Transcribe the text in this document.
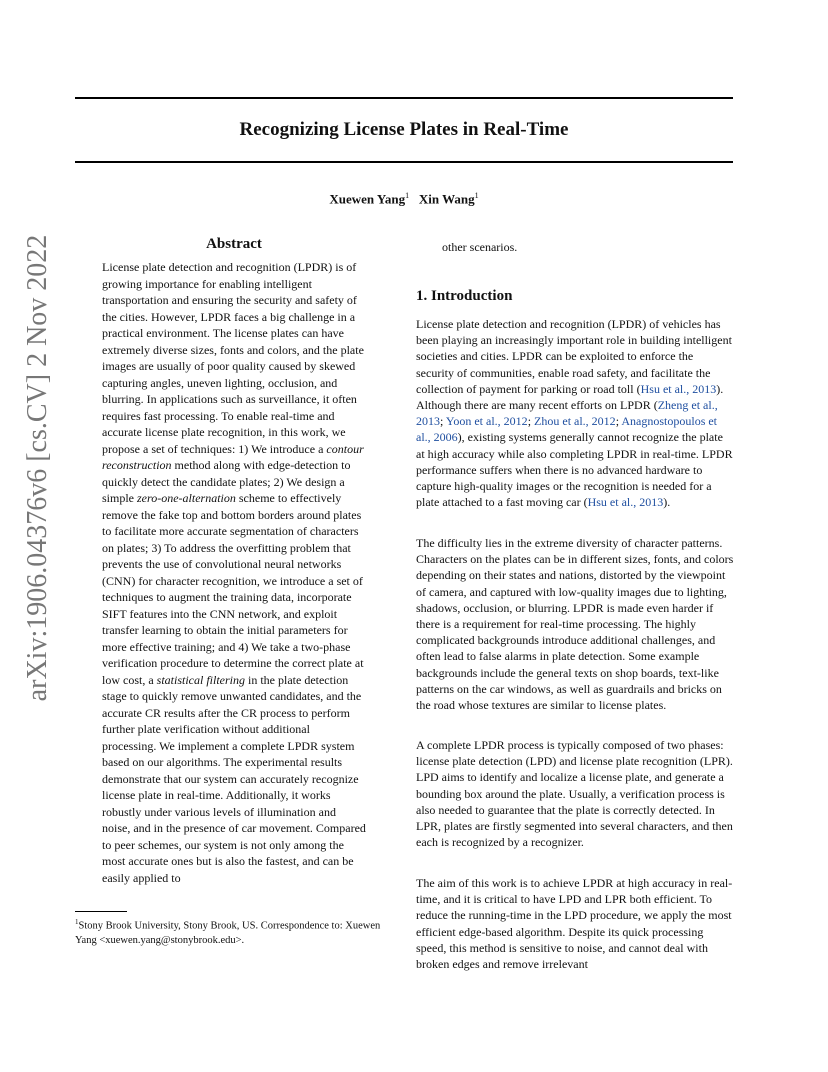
Recognizing License Plates in Real-Time
Xuewen Yang$^1$ Xin Wang$^1$
arXiv:1906.04376v6 [cs.CV] 2 Nov 2022	Abstract

License plate detection and recognition (LPDR) is of growing importance for enabling intelligent transportation and ensuring the security and safety of the cities. However, LPDR faces a big challenge in a practical environment. The license plates can have extremely diverse sizes, fonts and colors, and the plate images are usually of poor quality caused by skewed capturing angles, uneven lighting, occlusion, and blurring. In applications such as surveillance, it often requires fast processing. To enable real-time and accurate license plate recognition, in this work, we propose a set of techniques: 1) We introduce a contour reconstruction method along with edge-detection to quickly detect the candidate plates; 2) We design a simple zero-one-alternation scheme to effectively remove the fake top and bottom borders around plates to facilitate more accurate segmentation of characters on plates; 3) To address the overfitting problem that prevents the use of convolutional neural networks (CNN) for character recognition, we introduce a set of techniques to augment the training data, incorporate SIFT features into the CNN network, and exploit transfer learning to obtain the initial parameters for more effective training; and 4) We take a two-phase verification procedure to determine the correct plate at low cost, a statistical filtering in the plate detection stage to quickly remove unwanted candidates, and the accurate CR results after the CR process to perform further plate verification without additional processing. We implement a complete LPDR system based on our algorithms. The experimental results demonstrate that our system can accurately recognize license plate in real-time. Additionally, it works robustly under various levels of illumination and noise, and in the presence of car movement. Compared to peer schemes, our system is not only among the most accurate ones but is also the fastest, and can be easily applied to

other scenarios.
$^1$Stony Brook University, Stony Brook, US. Correspondence to: Xuewen Yang <xuewen.yang@stonybrook.edu>.
1. Introduction

License plate detection and recognition (LPDR) of vehicles has been playing an increasingly important role in building intelligent societies and cities. LPDR can be exploited to enforce the security of communities, enable road safety, and facilitate the collection of payment for parking or road toll (Hsu et al., 2013). Although there are many recent efforts on LPDR (Zheng et al., 2013; Yoon et al., 2012; Zhou et al., 2012; Anagnostopoulos et al., 2006), existing systems generally cannot recognize the plate at high accuracy while also completing LPDR in real-time. LPDR performance suffers when there is no advanced hardware to capture high-quality images or the recognition is needed for a plate attached to a fast moving car (Hsu et al., 2013).

The difficulty lies in the extreme diversity of character patterns. Characters on the plates can be in different sizes, fonts, and colors depending on their states and nations, distorted by the viewpoint of camera, and captured with low-quality images due to lighting, shadows, occlusion, or blurring. LPDR is made even harder if there is a requirement for real-time processing. The highly complicated backgrounds introduce additional challenges, and often lead to false alarms in plate detection. Some example backgrounds include the general texts on shop boards, text-like patterns on the car windows, as well as guardrails and bricks on the road whose textures are similar to license plates.

A complete LPDR process is typically composed of two phases: license plate detection (LPD) and license plate recognition (LPR). LPD aims to identify and localize a license plate, and generate a bounding box around the plate. Usually, a verification process is also needed to guarantee that the plate is correctly detected. In LPR, plates are firstly segmented into several characters, and then each is recognized by a recognizer.

The aim of this work is to achieve LPDR at high accuracy in real-time, and it is critical to have LPD and LPR both efficient. To reduce the running-time in the LPD procedure, we apply the most efficient edge-based algorithm. Despite its quick processing speed, this method is sensitive to noise, and cannot deal with broken edges and remove irrelevant
